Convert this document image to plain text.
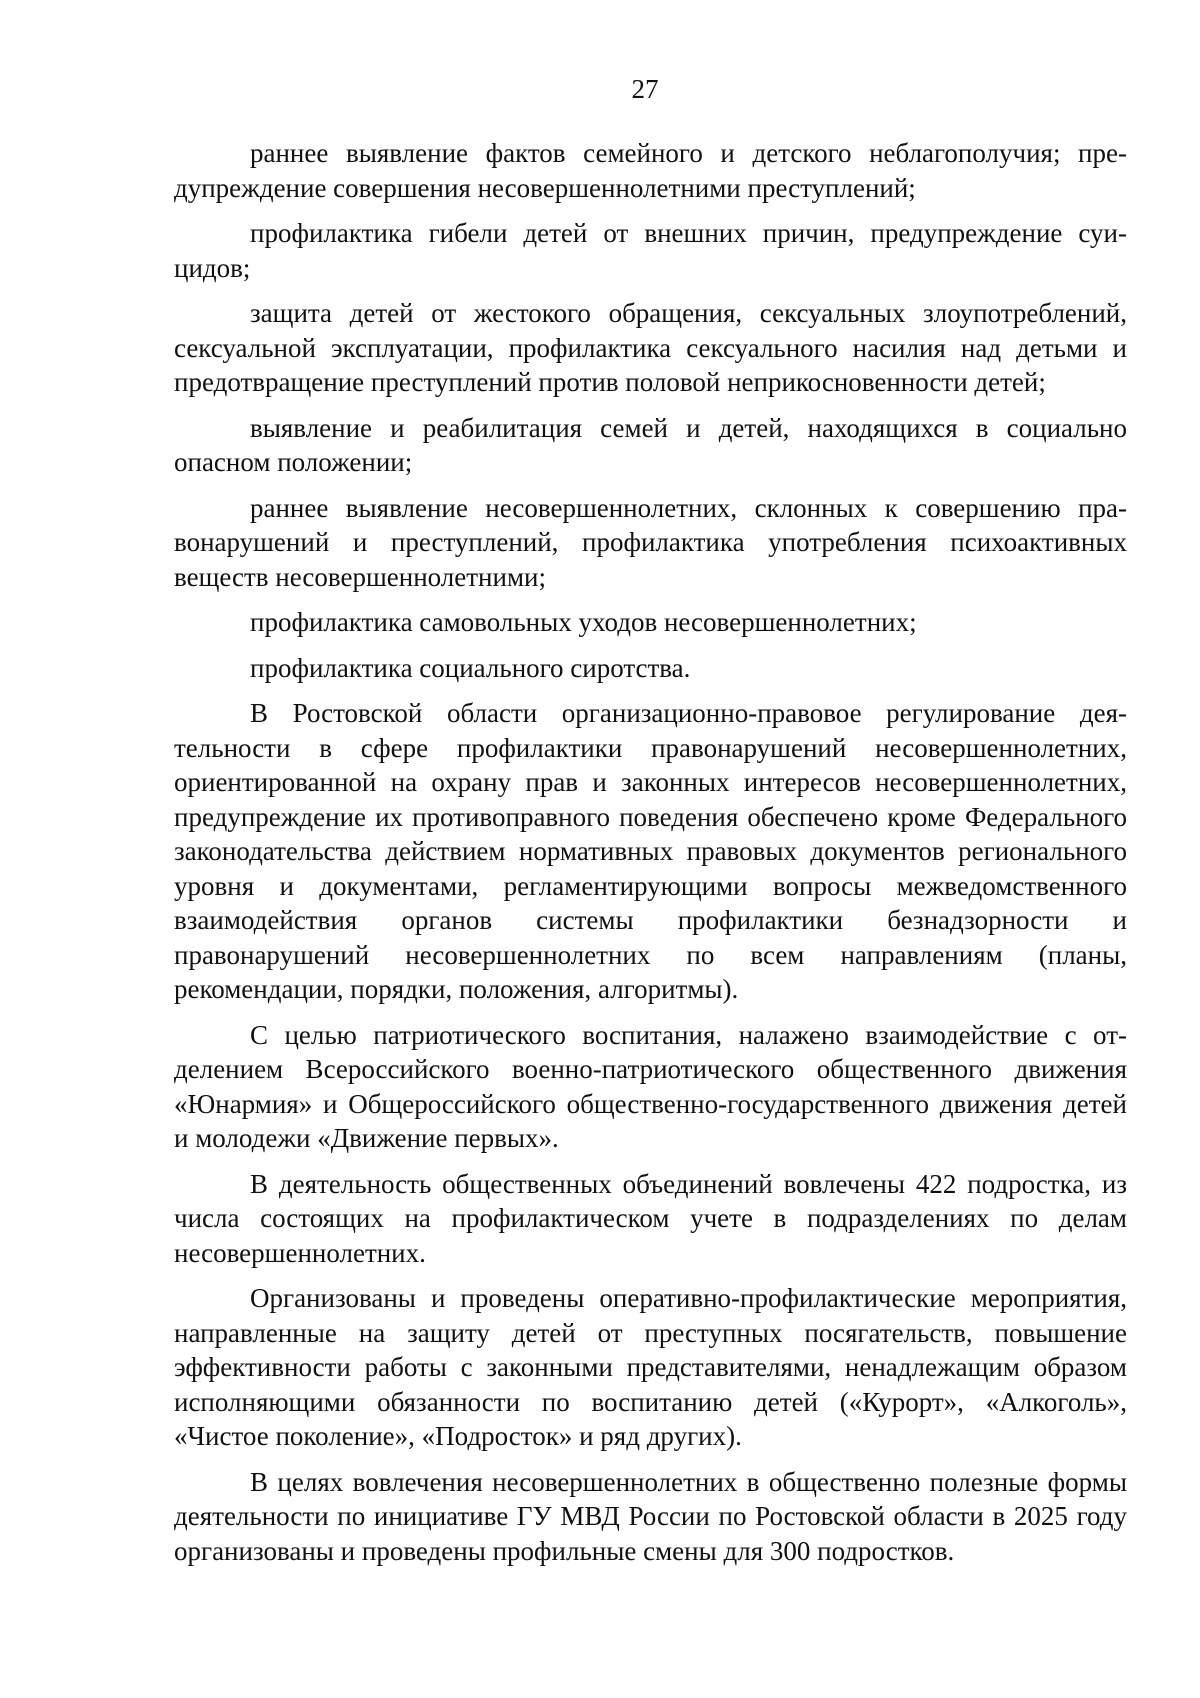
27

раннее выявление фактов семейного и детского неблагополучия; предупреждение совершения несовершеннолетними преступлений;

профилактика гибели детей от внешних причин, предупреждение суицидов;

защита детей от жестокого обращения, сексуальных злоупотреблений, сексуальной эксплуатации, профилактика сексуального насилия над детьми и предотвращение преступлений против половой неприкосновенности детей;

выявление и реабилитация семей и детей, находящихся в социально опасном положении;

раннее выявление несовершеннолетних, склонных к совершению правонарушений и преступлений, профилактика употребления психоактивных веществ несовершеннолетними;

профилактика самовольных уходов несовершеннолетних;

профилактика социального сиротства.

В Ростовской области организационно-правовое регулирование деятельности в сфере профилактики правонарушений несовершеннолетних, ориентированной на охрану прав и законных интересов несовершеннолетних, предупреждение их противоправного поведения обеспечено кроме Федерального законодательства действием нормативных правовых документов регионального уровня и документами, регламентирующими вопросы межведомственного взаимодействия органов системы профилактики безнадзорности и правонарушений несовершеннолетних по всем направлениям (планы, рекомендации, порядки, положения, алгоритмы).

С целью патриотического воспитания, налажено взаимодействие с отделением Всероссийского военно-патриотического общественного движения «Юнармия» и Общероссийского общественно-государственного движения детей и молодежи «Движение первых».

В деятельность общественных объединений вовлечены 422 подростка, из числа состоящих на профилактическом учете в подразделениях по делам несовершеннолетних.

Организованы и проведены оперативно-профилактические мероприятия, направленные на защиту детей от преступных посягательств, повышение эффективности работы с законными представителями, ненадлежащим образом исполняющими обязанности по воспитанию детей («Курорт», «Алкоголь», «Чистое поколение», «Подросток» и ряд других).

В целях вовлечения несовершеннолетних в общественно полезные формы деятельности по инициативе ГУ МВД России по Ростовской области в 2025 году организованы и проведены профильные смены для 300 подростков.
